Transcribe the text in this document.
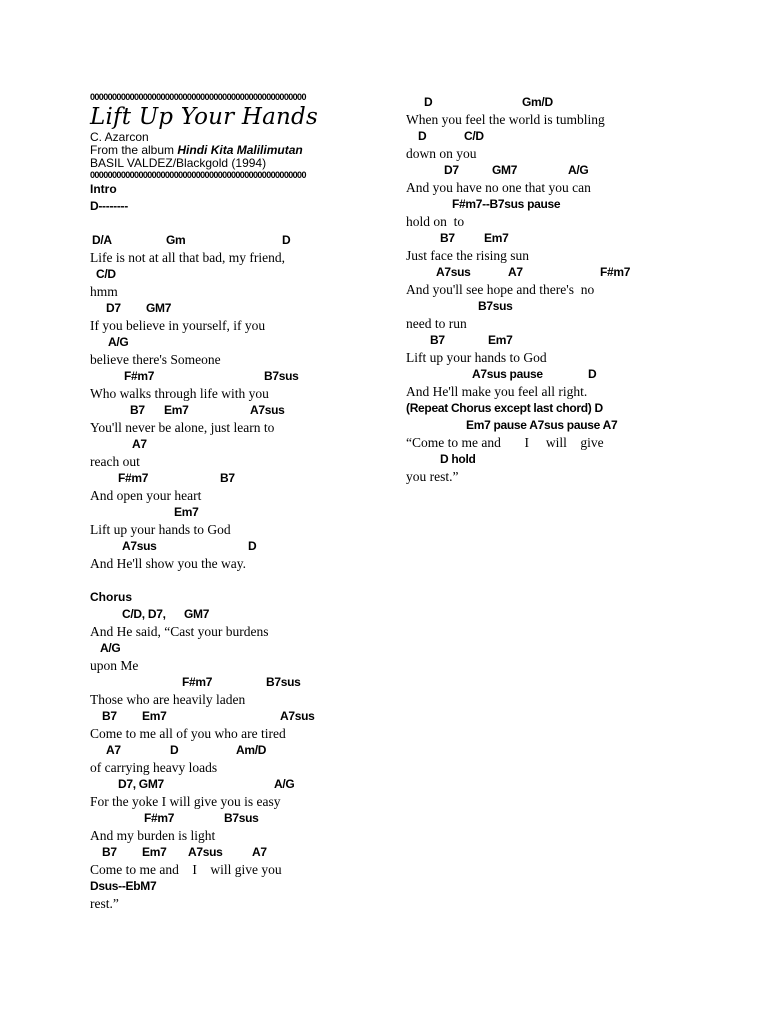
0000000000000000000000000000000000000000000000000
Lift Up Your Hands
C. Azarcon
From the album Hindi Kita Malilimutan
BASIL VALDEZ/Blackgold (1994)
0000000000000000000000000000000000000000000000000
Intro
D--------
D/A	Gm	D
Life is not at all that bad, my friend,
C/D
hmm
D7 GM7
If you believe in yourself, if you
A/G
believe there's Someone
F#m7	B7sus
Who walks through life with you
B7 Em7	A7sus
You'll never be alone, just learn to
A7
reach out
F#m7	B7
And open your heart
Em7
Lift up your hands to God
A7sus	D
And He'll show you the way.
Chorus
C/D, D7, GM7
And He said, “Cast your burdens
A/G
upon Me
F#m7	B7sus
Those who are heavily laden
B7 Em7	A7sus
Come to me all of you who are tired
A7	D	Am/D
of carrying heavy loads
D7, GM7	A/G
For the yoke I will give you is easy
F#m7	B7sus
And my burden is light
B7 Em7 A7sus A7
Come to me and    I    will give you
Dsus--EbM7
rest.”
D	Gm/D
When you feel the world is tumbling
D	C/D
down on you
D7	GM7	A/G
And you have no one that you can
F#m7--B7sus pause
hold on  to
B7 Em7
Just face the rising sun
A7sus	A7	F#m7
And you'll see hope and there's  no
B7sus
need to run
B7	Em7
Lift up your hands to God
A7sus pause	D
And He'll make you feel all right.
(Repeat Chorus except last chord) D
Em7 pause A7sus pause A7
“Come to me and       I     will    give
D hold
you rest.”
